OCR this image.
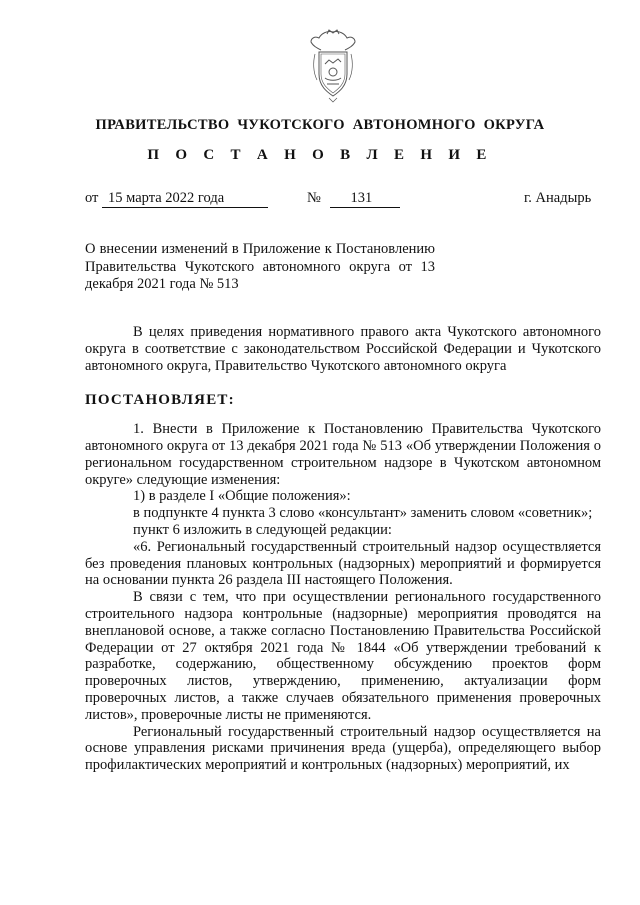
ПРАВИТЕЛЬСТВО ЧУКОТСКОГО АВТОНОМНОГО ОКРУГА
П О С Т А Н О В Л Е Н И Е
от 15 марта 2022 года	№ 131	г. Анадырь

О внесении изменений в Приложение к Постановлению Правительства Чукотского автономного округа от 13 декабря 2021 года № 513

В целях приведения нормативного правого акта Чукотского автономного округа в соответствие с законодательством Российской Федерации и Чукотского автономного округа, Правительство Чукотского автономного округа

ПОСТАНОВЛЯЕТ:

1. Внести в Приложение к Постановлению Правительства Чукотского автономного округа от 13 декабря 2021 года № 513 «Об утверждении Положения о региональном государственном строительном надзоре в Чукотском автономном округе» следующие изменения:

1) в разделе I «Общие положения»:

в подпункте 4 пункта 3 слово «консультант» заменить словом «советник»;

пункт 6 изложить в следующей редакции:

«6. Региональный государственный строительный надзор осуществляется без проведения плановых контрольных (надзорных) мероприятий и формируется на основании пункта 26 раздела III настоящего Положения.

В связи с тем, что при осуществлении регионального государственного строительного надзора контрольные (надзорные) мероприятия проводятся на внеплановой основе, а также согласно Постановлению Правительства Российской Федерации от 27 октября 2021 года № 1844 «Об утверждении требований к разработке, содержанию, общественному обсуждению проектов форм проверочных листов, утверждению, применению, актуализации форм проверочных листов, а также случаев обязательного применения проверочных листов», проверочные листы не применяются.

Региональный государственный строительный надзор осуществляется на основе управления рисками причинения вреда (ущерба), определяющего выбор профилактических мероприятий и контрольных (надзорных) мероприятий, их
